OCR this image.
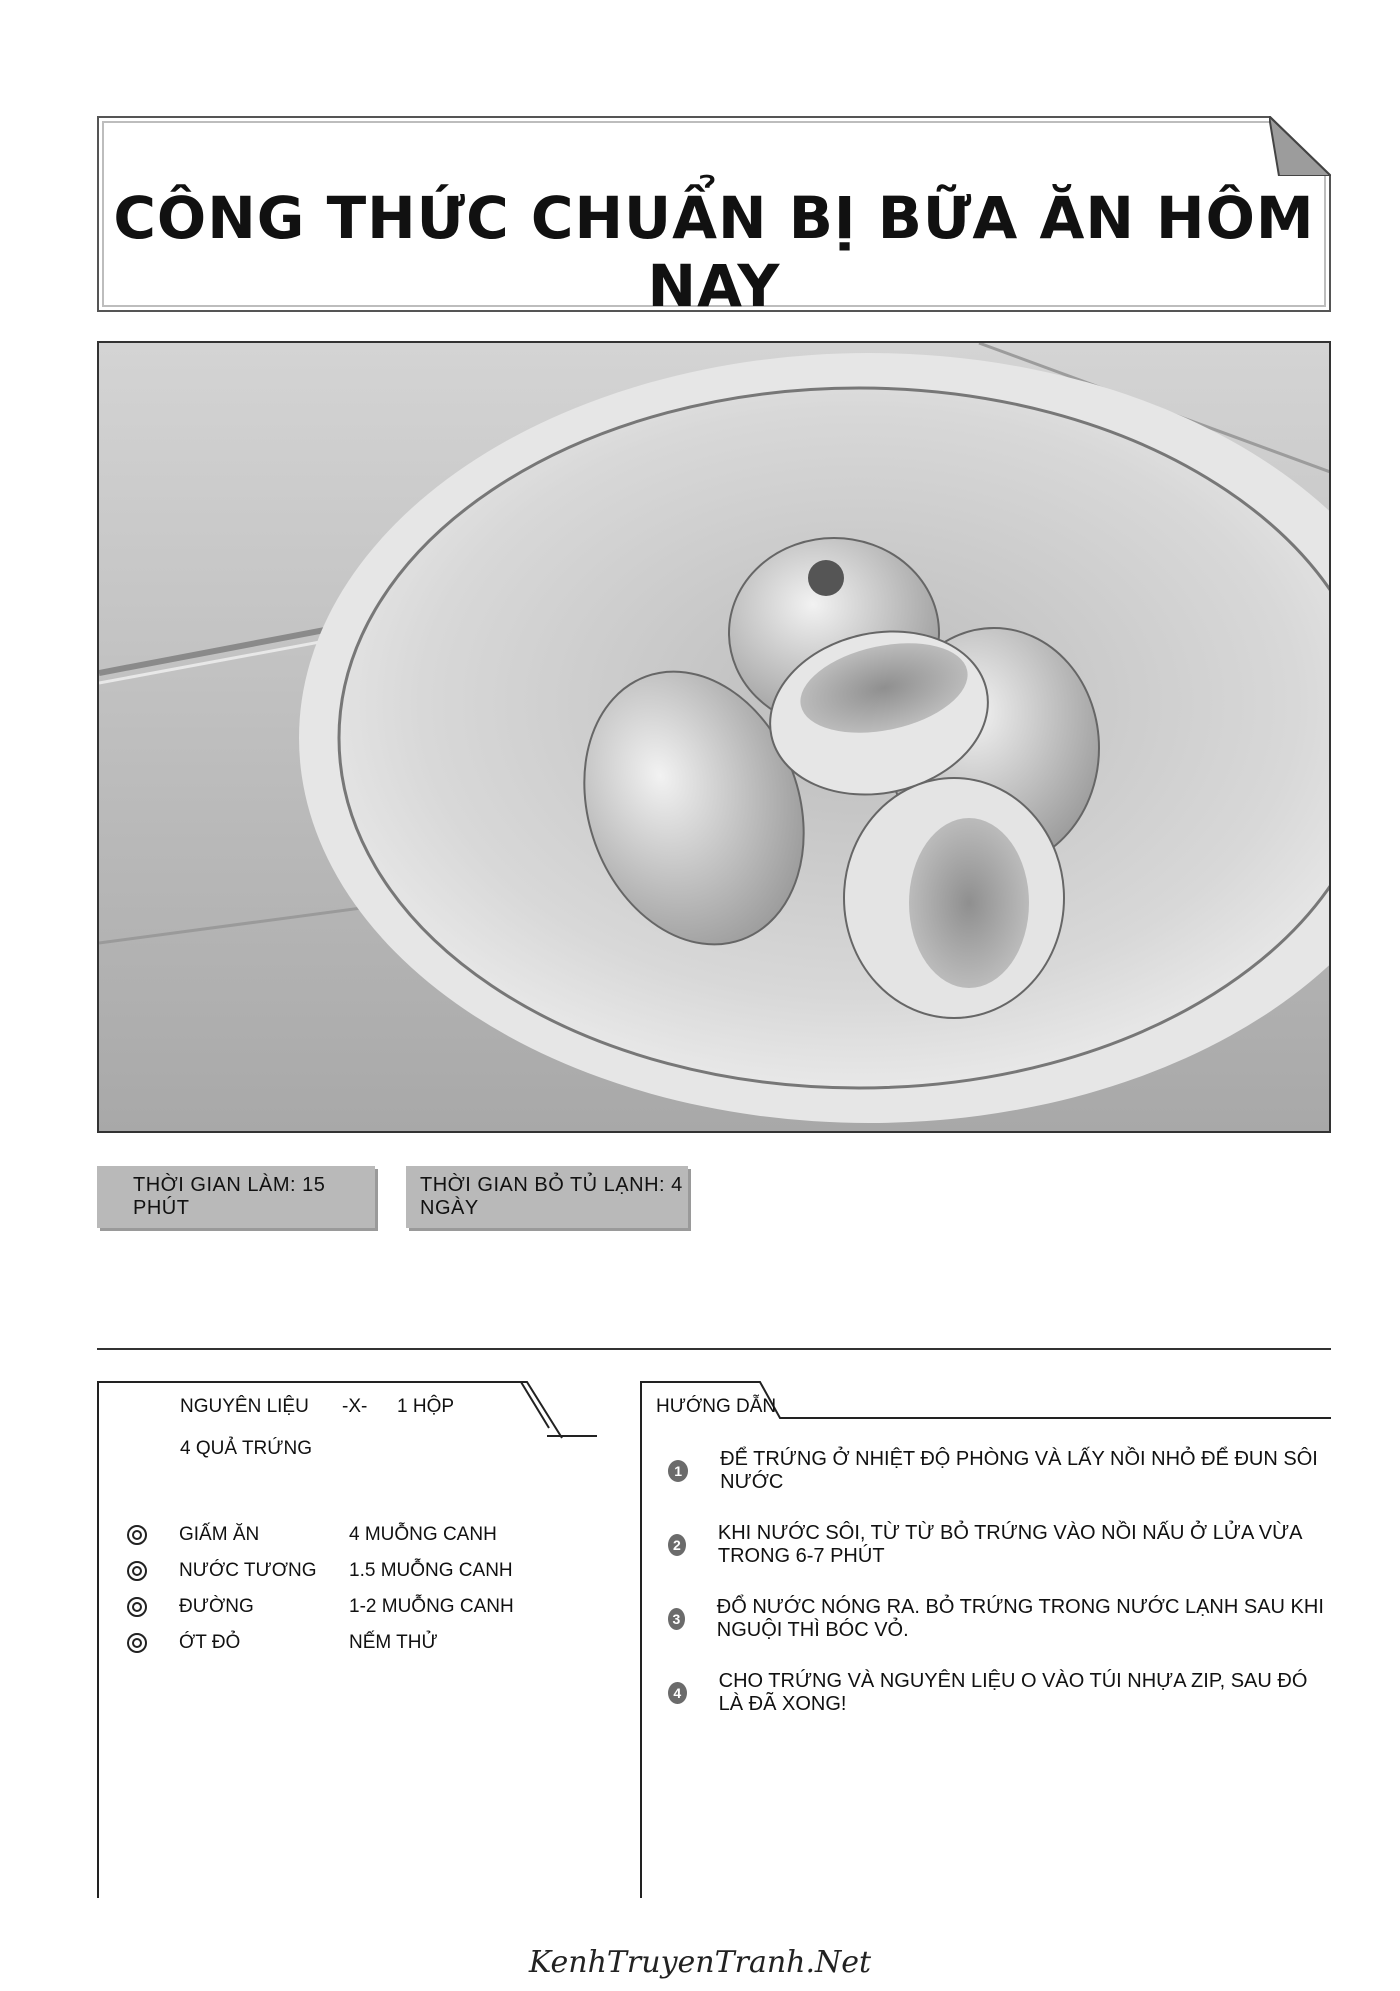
CÔNG THỨC CHUẨN BỊ BỮA ĂN HÔM NAY
THỜI GIAN LÀM: 15 PHÚT
THỜI GIAN BỎ TỦ LẠNH: 4 NGÀY
NGUYÊN LIỆU -X- 1 HỘP
4 QUẢ TRỨNG
GIẤM ĂN	4 MUỖNG CANH
NƯỚC TƯƠNG	1.5 MUỖNG CANH
ĐƯỜNG	1-2 MUỖNG CANH
ỚT ĐỎ	NẾM THỬ
HƯỚNG DẪN
1
ĐỂ TRỨNG Ở NHIỆT ĐỘ PHÒNG VÀ LẤY NỒI NHỎ ĐỂ ĐUN SÔI NƯỚC
2
KHI NƯỚC SÔI, TỪ TỪ BỎ TRỨNG VÀO NỒI NẤU Ở LỬA VỪA TRONG 6-7 PHÚT
3
ĐỔ NƯỚC NÓNG RA. BỎ TRỨNG TRONG NƯỚC LẠNH SAU KHI NGUỘI THÌ BÓC VỎ.
4
CHO TRỨNG VÀ NGUYÊN LIỆU O VÀO TÚI NHỰA ZIP, SAU ĐÓ LÀ ĐÃ XONG!
KenhTruyenTranh.Net
